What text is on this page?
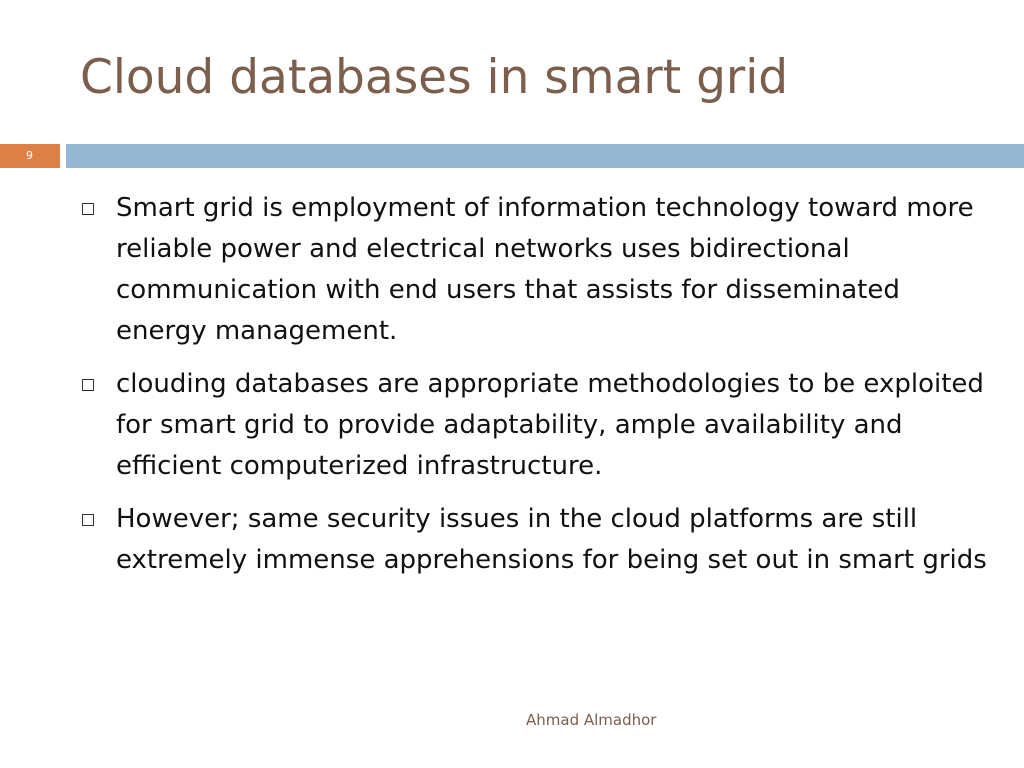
Cloud databases in smart grid
9
Smart grid is employment of information technology toward more reliable power and electrical networks uses bidirectional communication with end users that assists for disseminated energy management.
clouding databases are appropriate methodologies to be exploited for smart grid to provide adaptability, ample availability and efficient computerized infrastructure.
However; same security issues in the cloud platforms are still extremely immense apprehensions for being set out in smart grids
Ahmad Almadhor
